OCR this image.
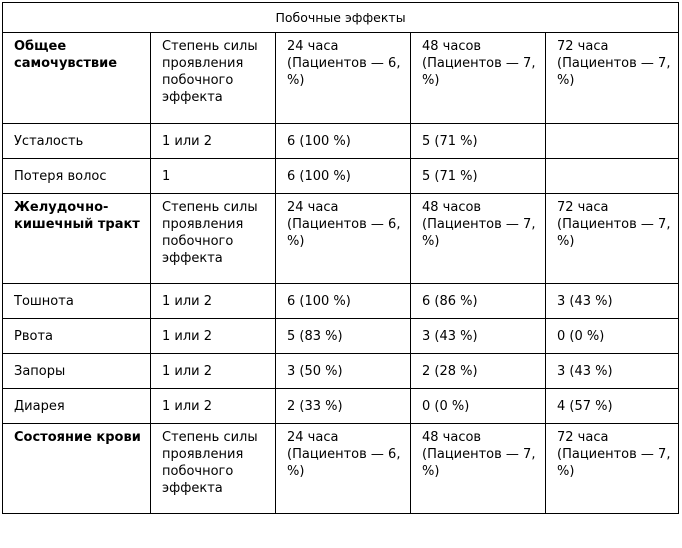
Побочные эффекты				
Общее самочувствие	Степень силы проявления побочного эффекта	24 часа (Пациентов — 6, %)	48 часов (Пациентов — 7, %)	72 часа (Пациентов — 7, %)
Усталость	1 или 2	6 (100 %)	5 (71 %)	
Потеря волос	1	6 (100 %)	5 (71 %)	
Желудочно-кишечный тракт	Степень силы проявления побочного эффекта	24 часа (Пациентов — 6, %)	48 часов (Пациентов — 7, %)	72 часа (Пациентов — 7, %)
Тошнота	1 или 2	6 (100 %)	6 (86 %)	3 (43 %)
Рвота	1 или 2	5 (83 %)	3 (43 %)	0 (0 %)
Запоры	1 или 2	3 (50 %)	2 (28 %)	3 (43 %)
Диарея	1 или 2	2 (33 %)	0 (0 %)	4 (57 %)
Состояние крови	Степень силы проявления побочного эффекта	24 часа (Пациентов — 6, %)	48 часов (Пациентов — 7, %)	72 часа (Пациентов — 7, %)
